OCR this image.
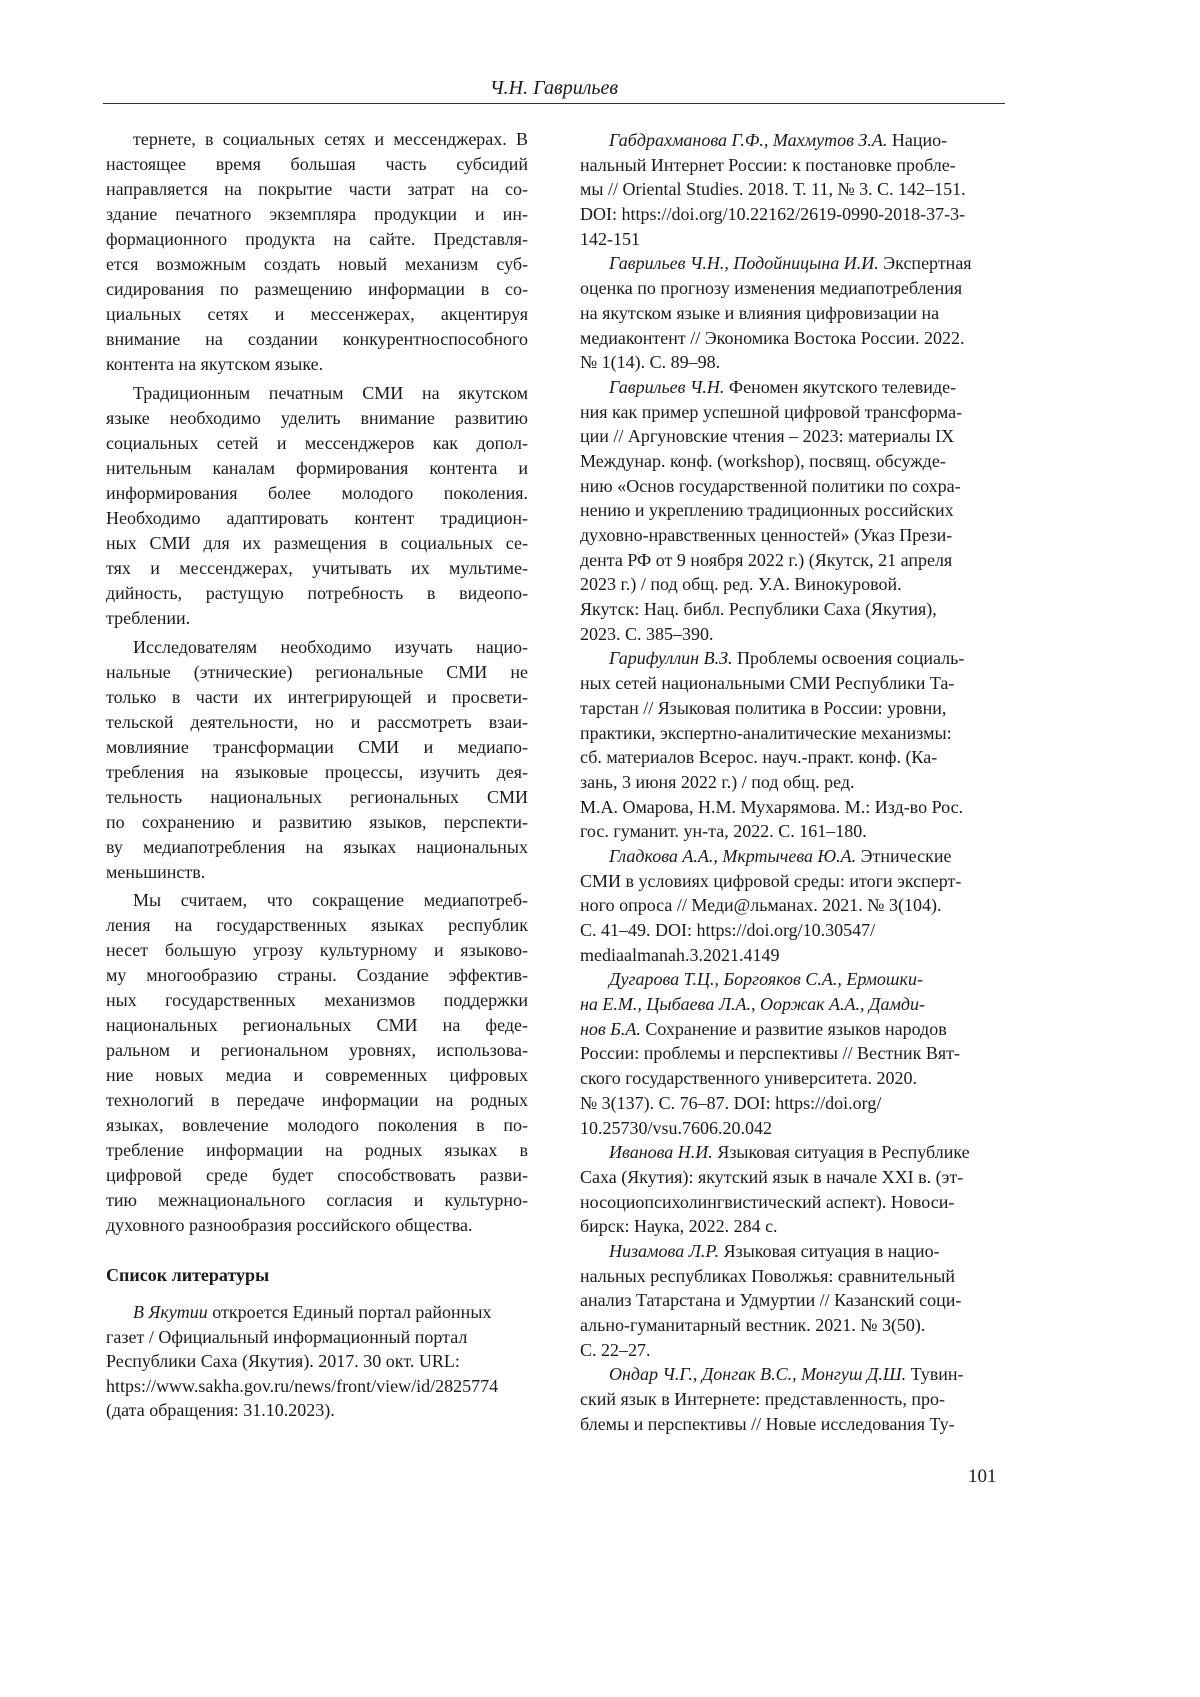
Ч.Н. Гаврильев
тернете, в социальных сетях и мессенджерах. В
настоящее время большая часть субсидий
направляется на покрытие части затрат на со-
здание печатного экземпляра продукции и ин-
формационного продукта на сайте. Представля-
ется возможным создать новый механизм суб-
сидирования по размещению информации в со-
циальных сетях и мессенжерах, акцентируя
внимание на создании конкурентноспособного
контента на якутском языке.
Традиционным печатным СМИ на якутском
языке необходимо уделить внимание развитию
социальных сетей и мессенджеров как допол-
нительным каналам формирования контента и
информирования более молодого поколения.
Необходимо адаптировать контент традицион-
ных СМИ для их размещения в социальных се-
тях и мессенджерах, учитывать их мультиме-
дийность, растущую потребность в видеопо-
треблении.
Исследователям необходимо изучать нацио-
нальные (этнические) региональные СМИ не
только в части их интегрирующей и просвети-
тельской деятельности, но и рассмотреть взаи-
мовлияние трансформации СМИ и медиапо-
требления на языковые процессы, изучить дея-
тельность национальных региональных СМИ
по сохранению и развитию языков, перспекти-
ву медиапотребления на языках национальных
меньшинств.
Мы считаем, что сокращение медиапотреб-
ления на государственных языках республик
несет большую угрозу культурному и языково-
му многообразию страны. Создание эффектив-
ных государственных механизмов поддержки
национальных региональных СМИ на феде-
ральном и региональном уровнях, использова-
ние новых медиа и современных цифровых
технологий в передаче информации на родных
языках, вовлечение молодого поколения в по-
требление информации на родных языках в
цифровой среде будет способствовать разви-
тию межнационального согласия и культурно-
духовного разнообразия российского общества.
Список литературы
В Якутии откроется Единый портал районных
газет / Официальный информационный портал
Республики Саха (Якутия). 2017. 30 окт. URL:
https://www.sakha.gov.ru/news/front/view/id/2825774
(дата обращения: 31.10.2023).
Габдрахманова Г.Ф., Махмутов З.А. Нацио-
нальный Интернет России: к постановке пробле-
мы // Oriental Studies. 2018. Т. 11, № 3. С. 142–151.
DOI: https://doi.org/10.22162/2619-0990-2018-37-3-
142-151
Гаврильев Ч.Н., Подойницына И.И. Экспертная
оценка по прогнозу изменения медиапотребления
на якутском языке и влияния цифровизации на
медиаконтент // Экономика Востока России. 2022.
№ 1(14). С. 89–98.
Гаврильев Ч.Н. Феномен якутского телевиде-
ния как пример успешной цифровой трансформа-
ции // Аргуновские чтения – 2023: материалы IX
Междунар. конф. (workshop), посвящ. обсужде-
нию «Основ государственной политики по сохра-
нению и укреплению традиционных российских
духовно-нравственных ценностей» (Указ Прези-
дента РФ от 9 ноября 2022 г.) (Якутск, 21 апреля
2023 г.) / под общ. ред. У.А. Винокуровой.
Якутск: Нац. библ. Республики Саха (Якутия),
2023. С. 385–390.
Гарифуллин В.З. Проблемы освоения социаль-
ных сетей национальными СМИ Республики Та-
тарстан // Языковая политика в России: уровни,
практики, экспертно-аналитические механизмы:
сб. материалов Всерос. науч.-практ. конф. (Ка-
зань, 3 июня 2022 г.) / под общ. ред.
М.А. Омарова, Н.М. Мухарямова. М.: Изд-во Рос.
гос. гуманит. ун-та, 2022. С. 161–180.
Гладкова А.А., Мкртычева Ю.А. Этнические
СМИ в условиях цифровой среды: итоги эксперт-
ного опроса // Меди@льманах. 2021. № 3(104).
С. 41–49. DOI: https://doi.org/10.30547/
mediaalmanah.3.2021.4149
Дугарова Т.Ц., Боргояков С.А., Ермошки-
на Е.М., Цыбаева Л.А., Ооржак А.А., Дамди-
нов Б.А. Сохранение и развитие языков народов
России: проблемы и перспективы // Вестник Вят-
ского государственного университета. 2020.
№ 3(137). С. 76–87. DOI: https://doi.org/
10.25730/vsu.7606.20.042
Иванова Н.И. Языковая ситуация в Республике
Саха (Якутия): якутский язык в начале XXI в. (эт-
носоциопсихолингвистический аспект). Новоси-
бирск: Наука, 2022. 284 с.
Низамова Л.Р. Языковая ситуация в нацио-
нальных республиках Поволжья: сравнительный
анализ Татарстана и Удмуртии // Казанский соци-
ально-гуманитарный вестник. 2021. № 3(50).
С. 22–27.
Ондар Ч.Г., Донгак В.С., Монгуш Д.Ш. Тувин-
ский язык в Интернете: представленность, про-
блемы и перспективы // Новые исследования Ту-
101
